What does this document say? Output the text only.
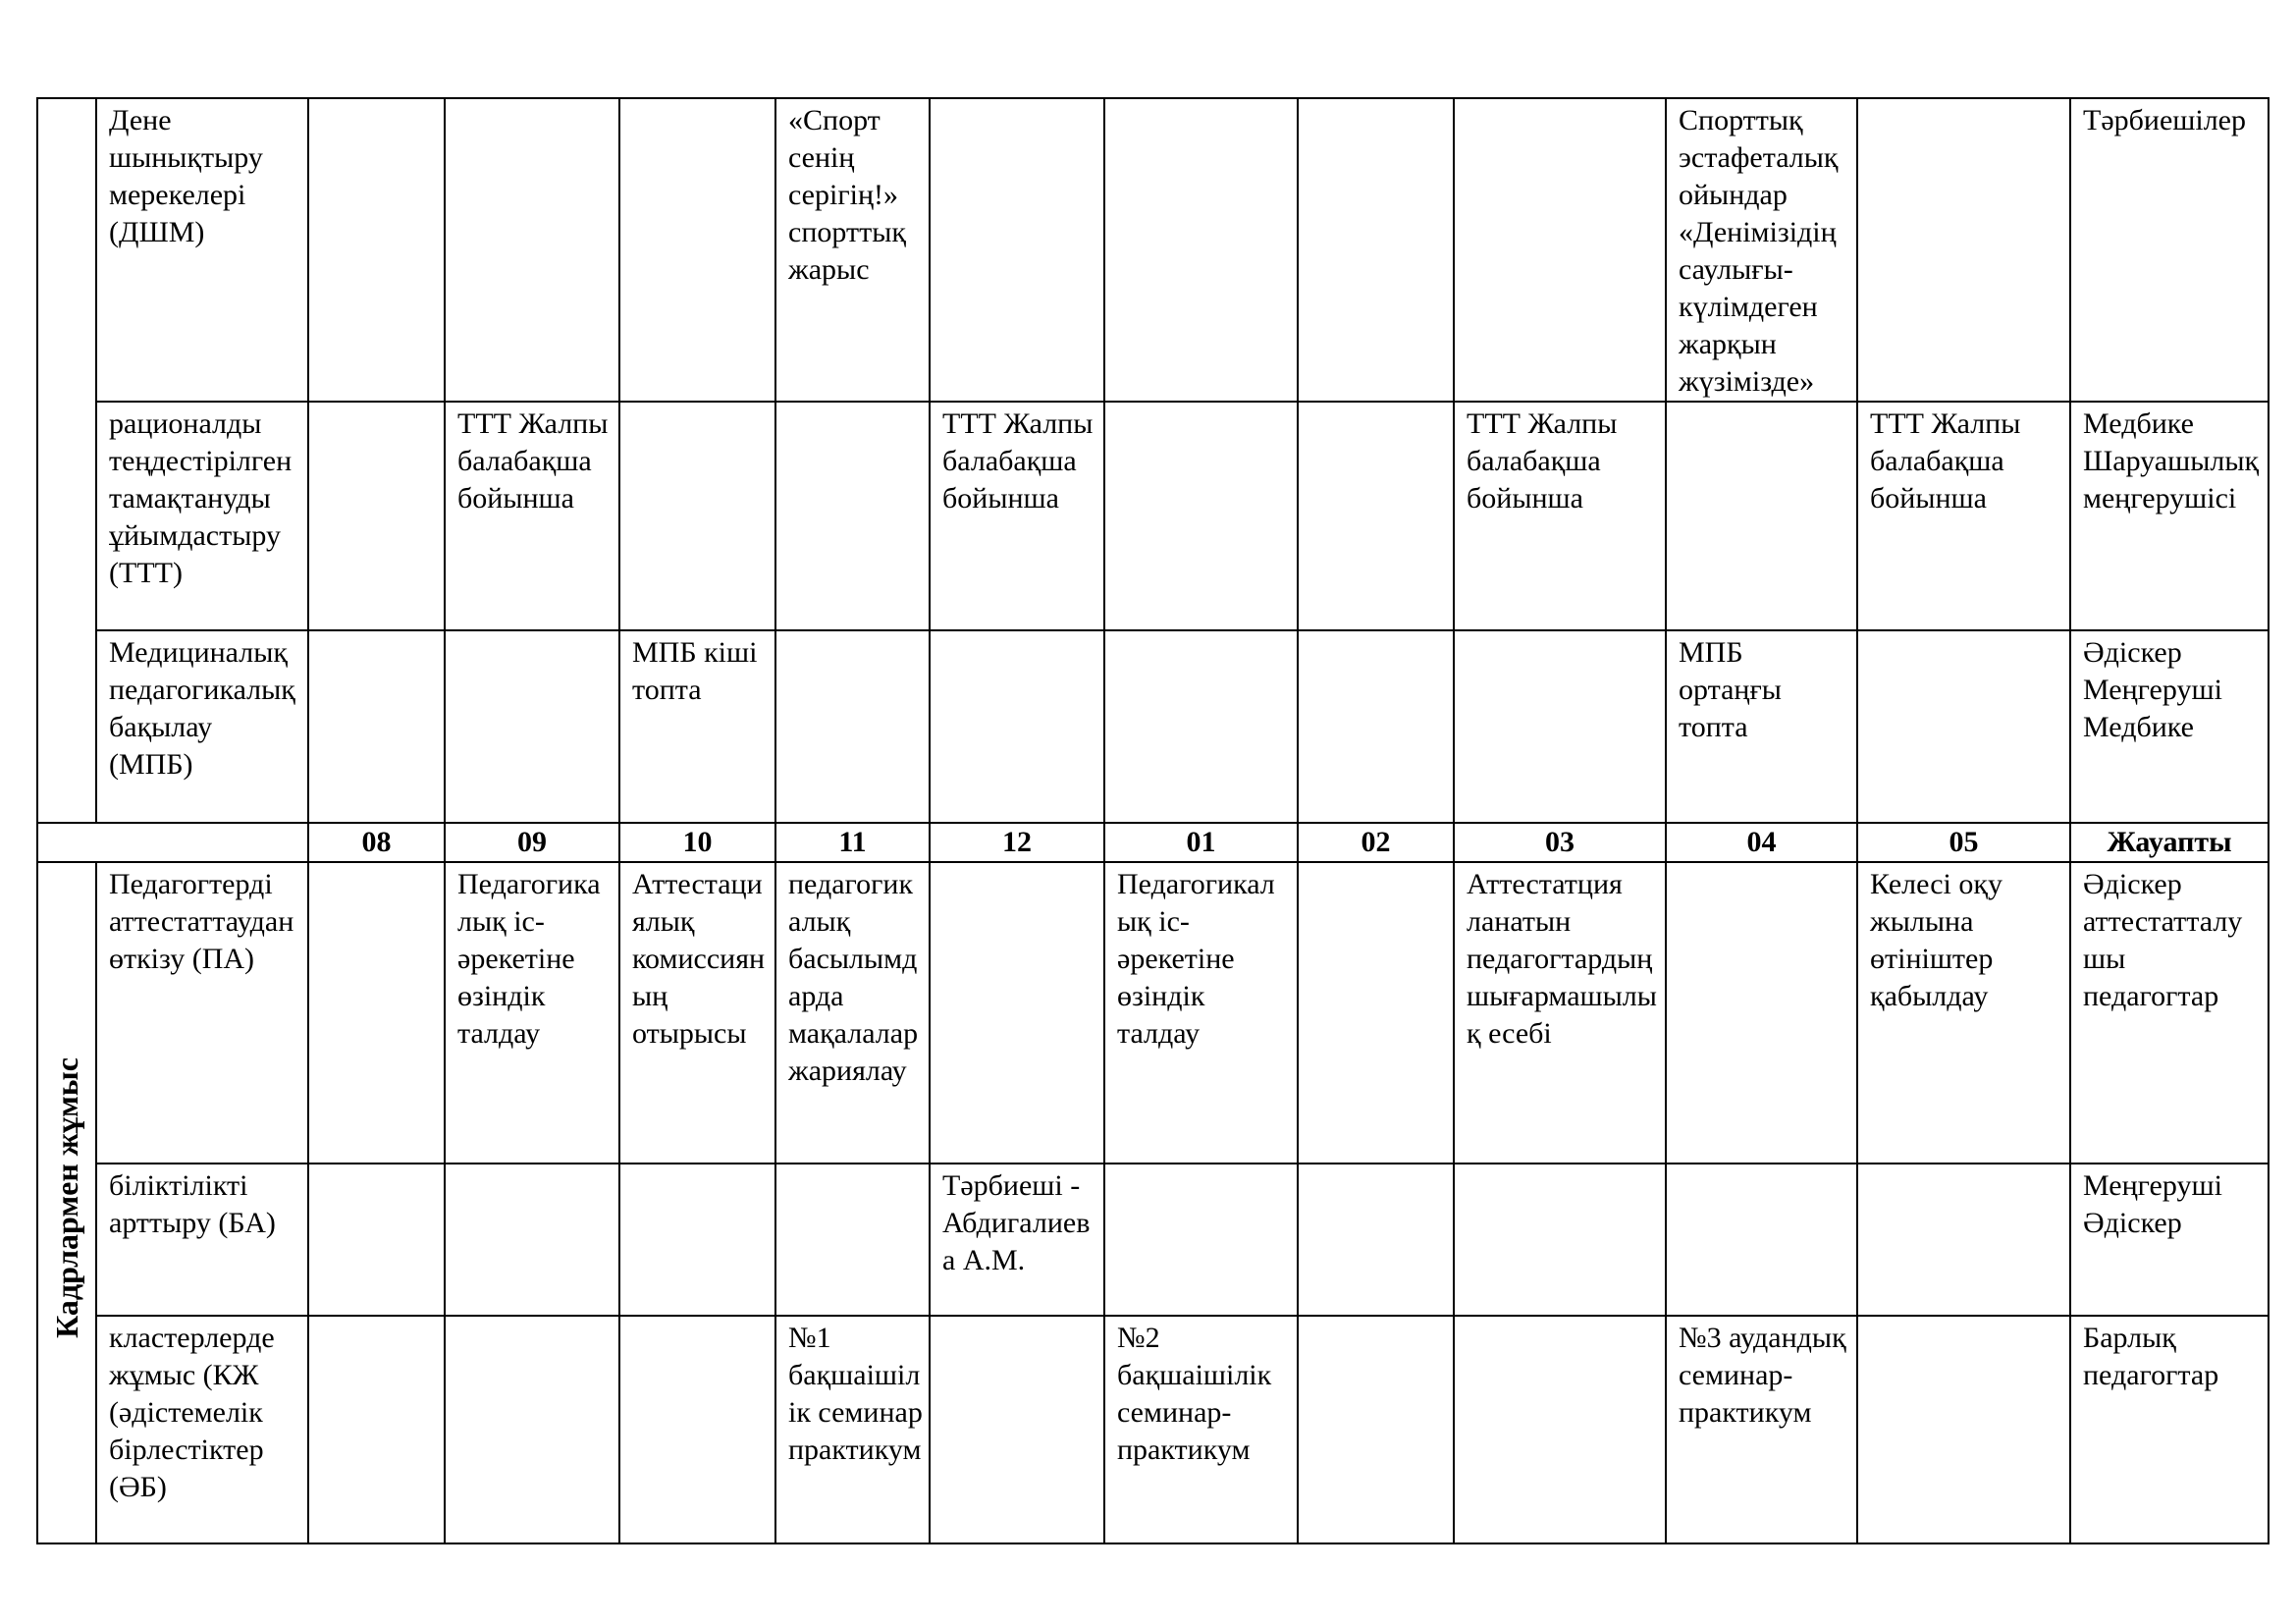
	Дене шынықтыру мерекелері (ДШМ)				«Спорт сенің серігің!» спорттық жарыс					Спорттық эстафеталық ойындар «Денімізідің саулығы-күлімдеген жарқын жүзімізде»		Тәрбиешілер
	рационалды теңдестірілген тамақтануды ұйымдастыру (ТТТ)		ТТТ Жалпы балабақша бойынша			ТТТ Жалпы балабақша бойынша			ТТТ Жалпы балабақша бойынша		ТТТ Жалпы балабақша бойынша	Медбике Шаруашылық меңгерушісі
	Медициналық педагогикалық бақылау (МПБ)			МПБ кіші топта						МПБ ортаңғы топта		Әдіскер Меңгеруші Медбике
		08	09	10	11	12	01	02	03	04	05	Жауапты
Кадрлармен жұмыс	Педагогтерді аттестаттаудан өткізу (ПА)		Педагогикалық іс-әрекетіне өзіндік талдау	Аттестациялық комиссияның отырысы	педагогикалық басылымдарда мақалалар жариялау		Педагогикалық іс-әрекетіне өзіндік талдау		Аттестатция ланатын педагогтардың шығармашылық есебі		Келесі оқу жылына өтініштер қабылдау	Әдіскер аттестатталушы педагогтар
	біліктілікті арттыру (БА)					Тәрбиеші - Абдигалиева А.М.						Меңгеруші Әдіскер
	кластерлерде жұмыс (КЖ (әдістемелік бірлестіктер (ӘБ)				№1 бақшаішілік семинар практикум		№2 бақшаішілік семинар-практикум			№3 аудандық семинар-практикум		Барлық педагогтар
